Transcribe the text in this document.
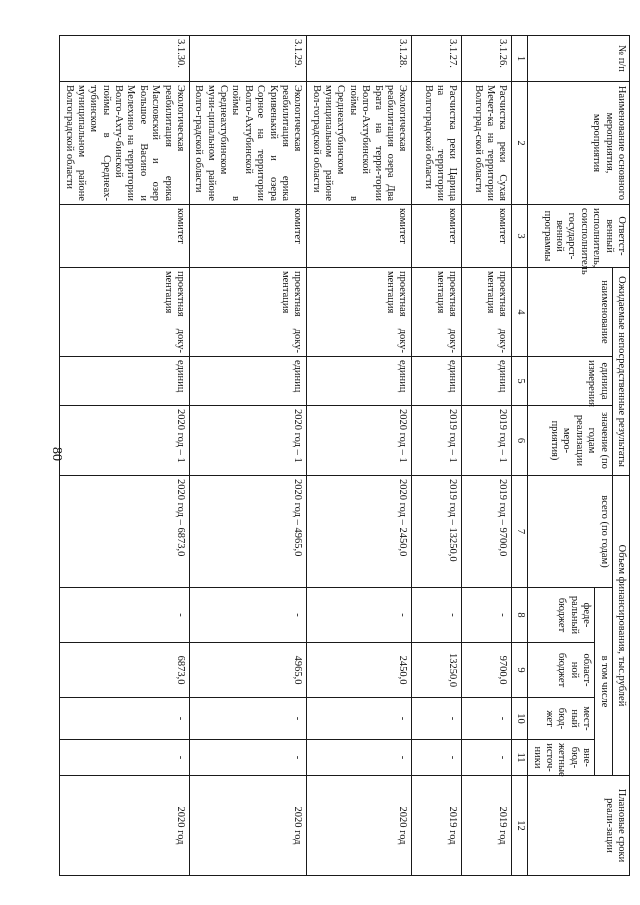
80
№ п/п	Наименование основного мероприятия, мероприятия	Ответст-венный исполнитель, соисполнитель государст-венной программы	Ожидаемые непосредственные результаты			Объем финансирования, тыс.рублей					Плановые сроки реали-зации
			наименование	единица измерения	значение (по годам реализации меро-приятия)	всего (по годам)	в том числе				
							феде-ральный бюджет	област-ной бюджет	мест-ный бюд-жет	вне-бюд-жетные источ-ники	
1	2	3	4	5	6	7	8	9	10	11	12
3.1.26.	Расчистка реки Сухая Мечет-ка на территории Волгоград-ской области	комитет	проектная доку-ментация	единиц	2019 год – 1	2019 год – 9700,0	-	9700,0	-	-	2019 год
3.1.27.	Расчистка реки Царица на территории Волгоградской области	комитет	проектная доку-ментация	единиц	2019 год – 1	2019 год – 13250,0	-	13250,0	-	-	2019 год
3.1.28.	Экологическая реабилитация озера Два Брата на терри-тории Волго-Ахтубинской поймы в Среднеахтубинском муниципальном районе Вол-гоградской области	комитет	проектная доку-ментация	единиц	2020 год – 1	2020 год – 2450,0	-	2450,0	-	-	2020 год
3.1.29.	Экологическая реабилитация ерика Кривенький и озера Сорное на территории Волго-Ахтубинской поймы в Среднеахтубинском муни-ципальном районе Волго-градской области	комитет	проектная доку-ментация	единиц	2020 год – 1	2020 год – 4965,0	-	4965,0	-	-	2020 год
3.1.30.	Экологическая реабилитация ерика Масловский и озер Большое Васино и Мелехино на территории Волго-Ахту-бинской поймы в Среднеах-тубинском муниципальном районе Волгоградской области	комитет	проектная доку-ментация	единиц	2020 год – 1	2020 год – 6873,0	-	6873,0	-	-	2020 год
